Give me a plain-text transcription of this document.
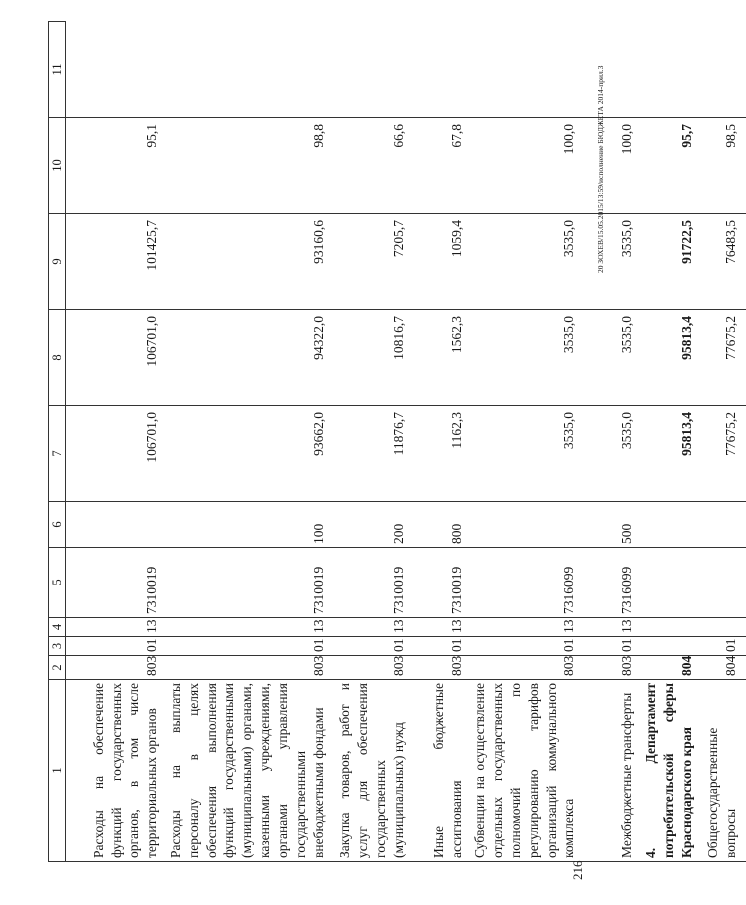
1	2	3	4	5	6	7	8	9	10	11
Расходы на обеспечение функций государственных органов, в том числе территориальных органов	803	01	13	7310019		106701,0	106701,0	101425,7	95,1	
Расходы на выплаты персоналу в целях обеспечения выполнения функций государственными (муниципальными) органами, казенными учреждениями, органами управления государственными внебюджетными фондами	803	01	13	7310019	100	93662,0	94322,0	93160,6	98,8	
Закупка товаров, работ и услуг для обеспечения государственных (муниципальных) нужд	803	01	13	7310019	200	11876,7	10816,7	7205,7	66,6	
Иные бюджетные ассигнования	803	01	13	7310019	800	1162,3	1562,3	1059,4	67,8	
Субвенции на осуществление отдельных государственных полномочий по регулированию тарифов организаций коммунального комплекса	803	01	13	7316099		3535,0	3535,0	3535,0	100,0	
Межбюджетные трансферты	803	01	13	7316099	500	3535,0	3535,0	3535,0	100,0	
4. Департамент потребительской сферы Краснодарского края	804					95813,4	95813,4	91722,5	95,7	
Общегосударственные вопросы	804	01				77675,2	77675,2	76483,5	98,5	
20 ЗОХЕВ/15.05.2015/13:59/исполнение БЮДЖЕТА 2014-прил.3
216
